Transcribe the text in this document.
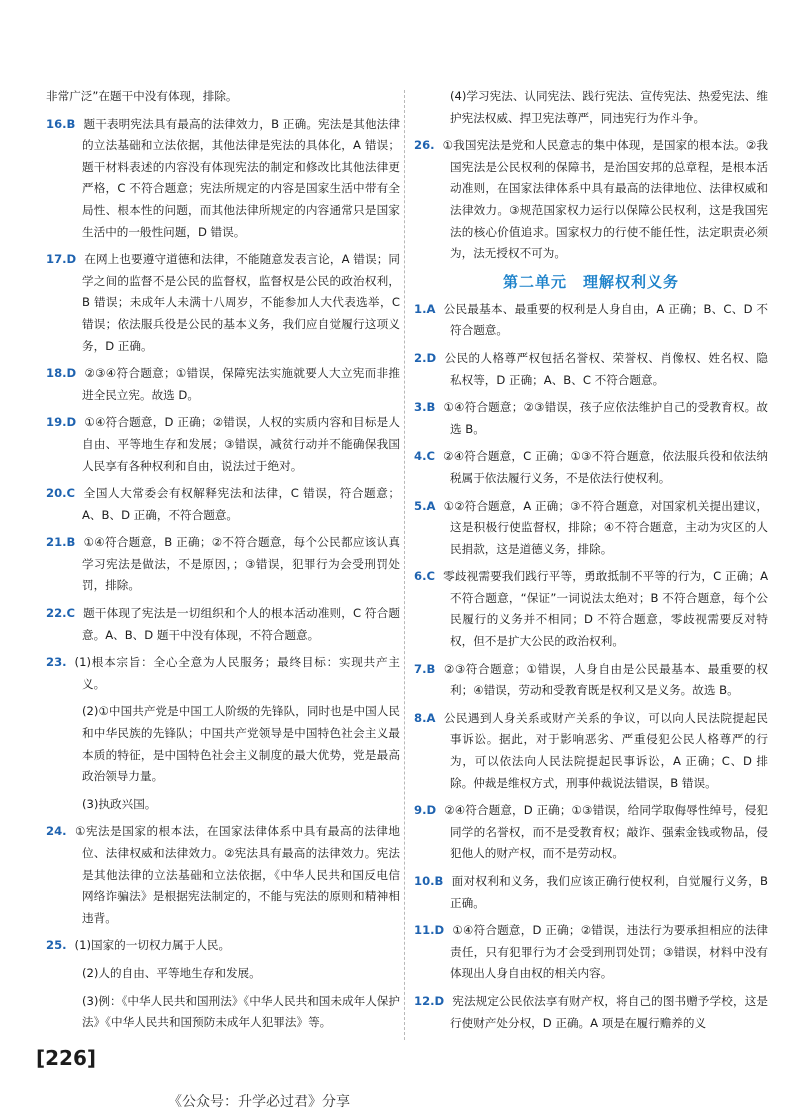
非常广泛”在题干中没有体现，排除。
16.B 题干表明宪法具有最高的法律效力，B 正确。宪法是其他法律的立法基础和立法依据，其他法律是宪法的具体化，A 错误；题干材料表述的内容没有体现宪法的制定和修改比其他法律更严格，C 不符合题意；宪法所规定的内容是国家生活中带有全局性、根本性的问题，而其他法律所规定的内容通常只是国家生活中的一般性问题，D 错误。
17.D 在网上也要遵守道德和法律，不能随意发表言论，A 错误；同学之间的监督不是公民的监督权，监督权是公民的政治权利，B 错误；未成年人未满十八周岁，不能参加人大代表选举，C 错误；依法服兵役是公民的基本义务，我们应自觉履行这项义务，D 正确。
18.D ②③④符合题意；①错误，保障宪法实施就要人大立宪而非推进全民立宪。故选 D。
19.D ①④符合题意，D 正确；②错误，人权的实质内容和目标是人自由、平等地生存和发展；③错误，减贫行动并不能确保我国人民享有各种权利和自由，说法过于绝对。
20.C 全国人大常委会有权解释宪法和法律，C 错误，符合题意；A、B、D 正确，不符合题意。
21.B ①④符合题意，B 正确；②不符合题意，每个公民都应该认真学习宪法是做法，不是原因，；③错误，犯罪行为会受刑罚处罚，排除。
22.C 题干体现了宪法是一切组织和个人的根本活动准则，C 符合题意。A、B、D 题干中没有体现，不符合题意。
23. (1)根本宗旨：全心全意为人民服务；最终目标：实现共产主义。
(2)①中国共产党是中国工人阶级的先锋队，同时也是中国人民和中华民族的先锋队；中国共产党领导是中国特色社会主义最本质的特征，是中国特色社会主义制度的最大优势，党是最高政治领导力量。
(3)执政兴国。
24. ①宪法是国家的根本法，在国家法律体系中具有最高的法律地位、法律权威和法律效力。②宪法具有最高的法律效力。宪法是其他法律的立法基础和立法依据，《中华人民共和国反电信网络诈骗法》是根据宪法制定的，不能与宪法的原则和精神相违背。
25. (1)国家的一切权力属于人民。
(2)人的自由、平等地生存和发展。
(3)例：《中华人民共和国刑法》《中华人民共和国未成年人保护法》《中华人民共和国预防未成年人犯罪法》等。
(4)学习宪法、认同宪法、践行宪法、宣传宪法、热爱宪法、维护宪法权威、捍卫宪法尊严，同违宪行为作斗争。
26. ①我国宪法是党和人民意志的集中体现，是国家的根本法。②我国宪法是公民权利的保障书，是治国安邦的总章程，是根本活动准则，在国家法律体系中具有最高的法律地位、法律权威和法律效力。③规范国家权力运行以保障公民权利，这是我国宪法的核心价值追求。国家权力的行使不能任性，法定职责必须为，法无授权不可为。
第二单元　理解权利义务
1.A 公民最基本、最重要的权利是人身自由，A 正确；B、C、D 不符合题意。
2.D 公民的人格尊严权包括名誉权、荣誉权、肖像权、姓名权、隐私权等，D 正确；A、B、C 不符合题意。
3.B ①④符合题意；②③错误，孩子应依法维护自己的受教育权。故选 B。
4.C ②④符合题意，C 正确；①③不符合题意，依法服兵役和依法纳税属于依法履行义务，不是依法行使权利。
5.A ①②符合题意，A 正确；③不符合题意，对国家机关提出建议，这是积极行使监督权，排除；④不符合题意，主动为灾区的人民捐款，这是道德义务，排除。
6.C 零歧视需要我们践行平等，勇敢抵制不平等的行为，C 正确；A 不符合题意，“保证”一词说法太绝对；B 不符合题意，每个公民履行的义务并不相同；D 不符合题意，零歧视需要反对特权，但不是扩大公民的政治权利。
7.B ②③符合题意；①错误，人身自由是公民最基本、最重要的权利；④错误，劳动和受教育既是权利又是义务。故选 B。
8.A 公民遇到人身关系或财产关系的争议，可以向人民法院提起民事诉讼。据此，对于影响恶劣、严重侵犯公民人格尊严的行为，可以依法向人民法院提起民事诉讼，A 正确；C、D 排除。仲裁是维权方式，刑事仲裁说法错误，B 错误。
9.D ②④符合题意，D 正确；①③错误，给同学取侮辱性绰号，侵犯同学的名誉权，而不是受教育权；敲诈、强索金钱或物品，侵犯他人的财产权，而不是劳动权。
10.B 面对权利和义务，我们应该正确行使权利，自觉履行义务，B 正确。
11.D ①④符合题意，D 正确；②错误，违法行为要承担相应的法律责任，只有犯罪行为才会受到刑罚处罚；③错误，材料中没有体现出人身自由权的相关内容。
12.D 宪法规定公民依法享有财产权，将自己的图书赠予学校，这是行使财产处分权，D 正确。A 项是在履行赡养的义
[226]
《公众号：升学必过君》分享
